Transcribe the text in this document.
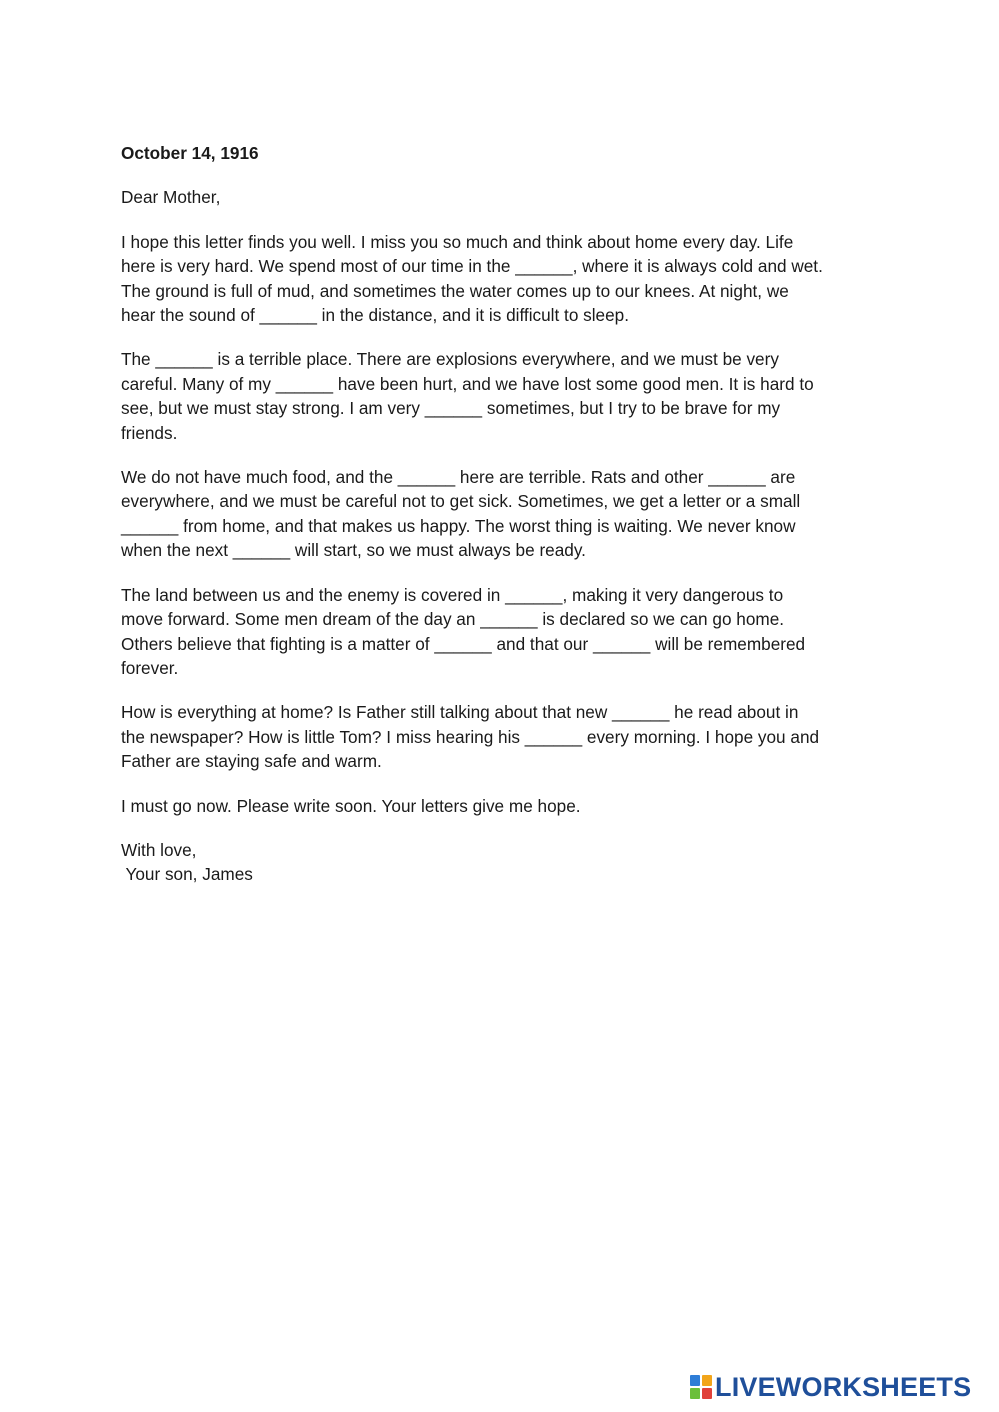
October 14, 1916
Dear Mother,
I hope this letter finds you well. I miss you so much and think about home every day. Life
here is very hard. We spend most of our time in the ______, where it is always cold and wet.
The ground is full of mud, and sometimes the water comes up to our knees. At night, we
hear the sound of ______ in the distance, and it is difficult to sleep.
The ______ is a terrible place. There are explosions everywhere, and we must be very
careful. Many of my ______ have been hurt, and we have lost some good men. It is hard to
see, but we must stay strong. I am very ______ sometimes, but I try to be brave for my
friends.
We do not have much food, and the ______ here are terrible. Rats and other ______ are
everywhere, and we must be careful not to get sick. Sometimes, we get a letter or a small
______ from home, and that makes us happy. The worst thing is waiting. We never know
when the next ______ will start, so we must always be ready.
The land between us and the enemy is covered in ______, making it very dangerous to
move forward. Some men dream of the day an ______ is declared so we can go home.
Others believe that fighting is a matter of ______ and that our ______ will be remembered
forever.
How is everything at home? Is Father still talking about that new ______ he read about in
the newspaper? How is little Tom? I miss hearing his ______ every morning. I hope you and
Father are staying safe and warm.
I must go now. Please write soon. Your letters give me hope.
With love,
Your son, James
LIVEWORKSHEETS
